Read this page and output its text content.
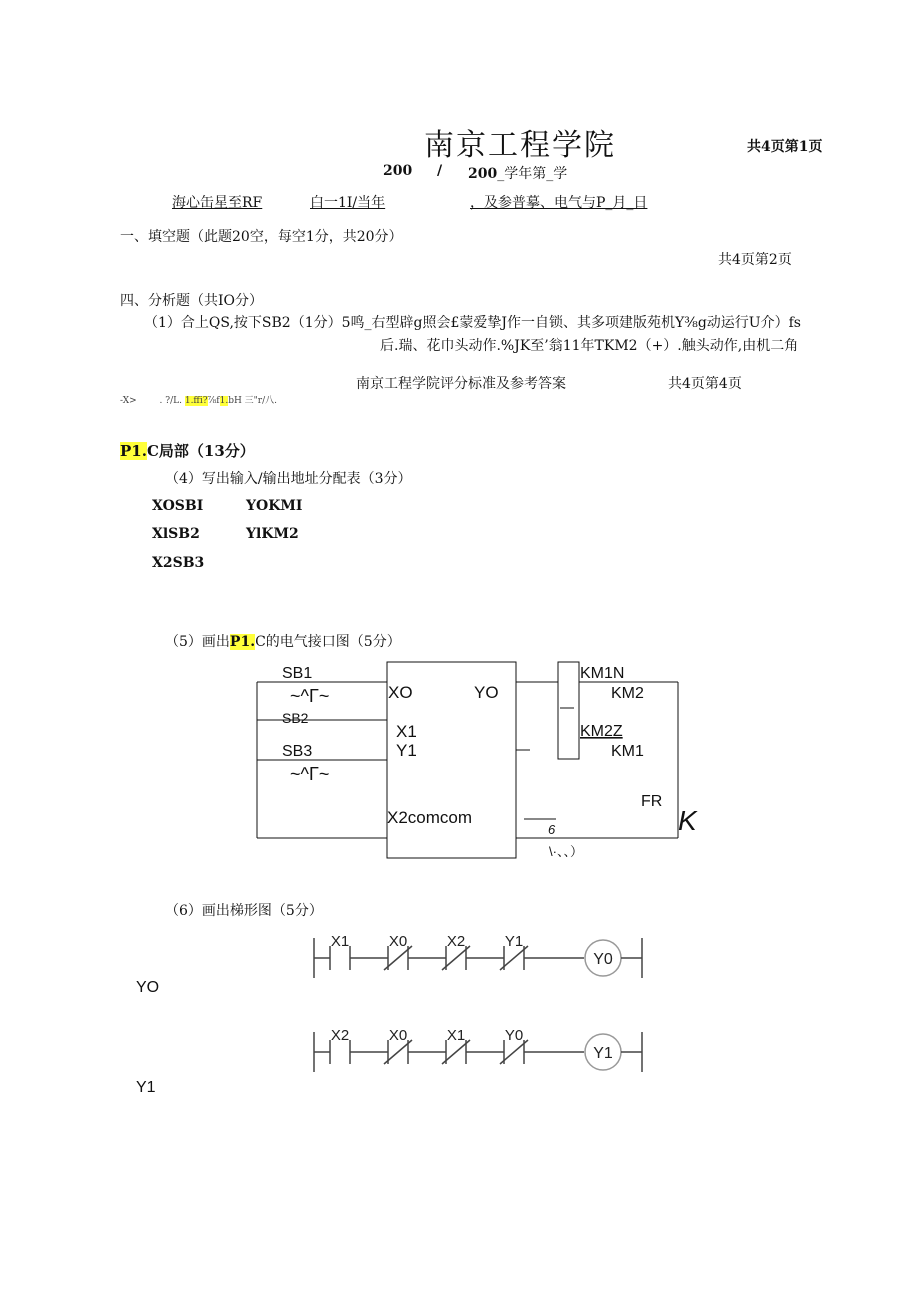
南京工程学院	共4页第1页
200 / 200_学年第_学
海心缶星至RF	白一1I/当年	，及参普摹、电气与P_月_日
一、填空题（此题20空，每空1分，共20分）
共4页第2页
四、分析题（共IO分）
（1）合上QS,按下SB2（1分）5鸣_右型辟g照会£蒙爱挚J作一自锁、其多项建版苑机Y⅜g动运行U介）fs
后.瑞、花巾头动作.%JK至’翁11年TKM2（+）.触头动作,由机二角
南京工程学院评分标准及参考答案	共4页第4页
-X>	. ?/L. 1.ffi?⅞f1.bH 三"r/八.
P1.C局部（13分）
（4）写出输入/输出地址分配表（3分）
XOSBI	YOKMI
XlSB2	YlKM2
X2SB3
（5）画出P1.C的电气接口图（5分）
SB1
~^Γ~
SB2
SB3
~^Γ~
XO	YO
X1
Y1
X2comcom
KM1N
KM2
KM2Z
KM1
FR
K
6
\·、、）
（6）画出梯形图（5分）
X1	X0	X2	Y1
Y0
X2	X0	X1	Y0
Y1
YO
Y1
